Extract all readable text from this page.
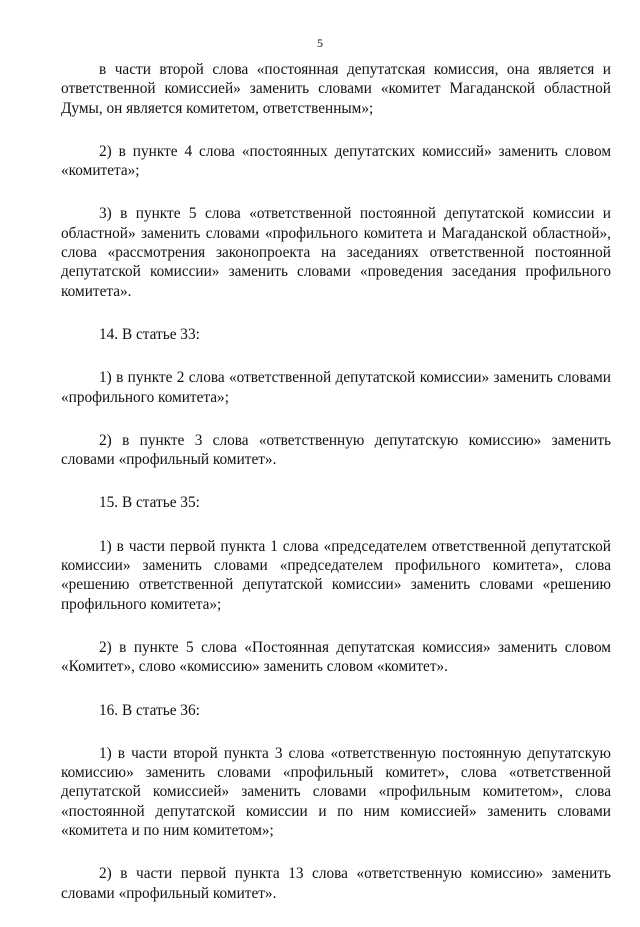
5

в части второй слова «постоянная депутатская комиссия, она является и ответственной комиссией» заменить словами «комитет Магаданской областной Думы, он является комитетом, ответственным»;

2) в пункте 4 слова «постоянных депутатских комиссий» заменить словом «комитета»;

3) в пункте 5 слова «ответственной постоянной депутатской комиссии и областной» заменить словами «профильного комитета и Магаданской областной», слова «рассмотрения законопроекта на заседаниях ответственной постоянной депутатской комиссии» заменить словами «проведения заседания профильного комитета».

14. В статье 33:

1) в пункте 2 слова «ответственной депутатской комиссии» заменить словами «профильного комитета»;

2) в пункте 3 слова «ответственную депутатскую комиссию» заменить словами «профильный комитет».

15. В статье 35:

1) в части первой пункта 1 слова «председателем ответственной депутатской комиссии» заменить словами «председателем профильного комитета», слова «решению ответственной депутатской комиссии» заменить словами «решению профильного комитета»;

2) в пункте 5 слова «Постоянная депутатская комиссия» заменить словом «Комитет», слово «комиссию» заменить словом «комитет».

16. В статье 36:

1) в части второй пункта 3 слова «ответственную постоянную депутатскую комиссию» заменить словами «профильный комитет», слова «ответственной депутатской комиссией» заменить словами «профильным комитетом», слова «постоянной депутатской комиссии и по ним комиссией» заменить словами «комитета и по ним комитетом»;

2) в части первой пункта 13 слова «ответственную комиссию» заменить словами «профильный комитет».
